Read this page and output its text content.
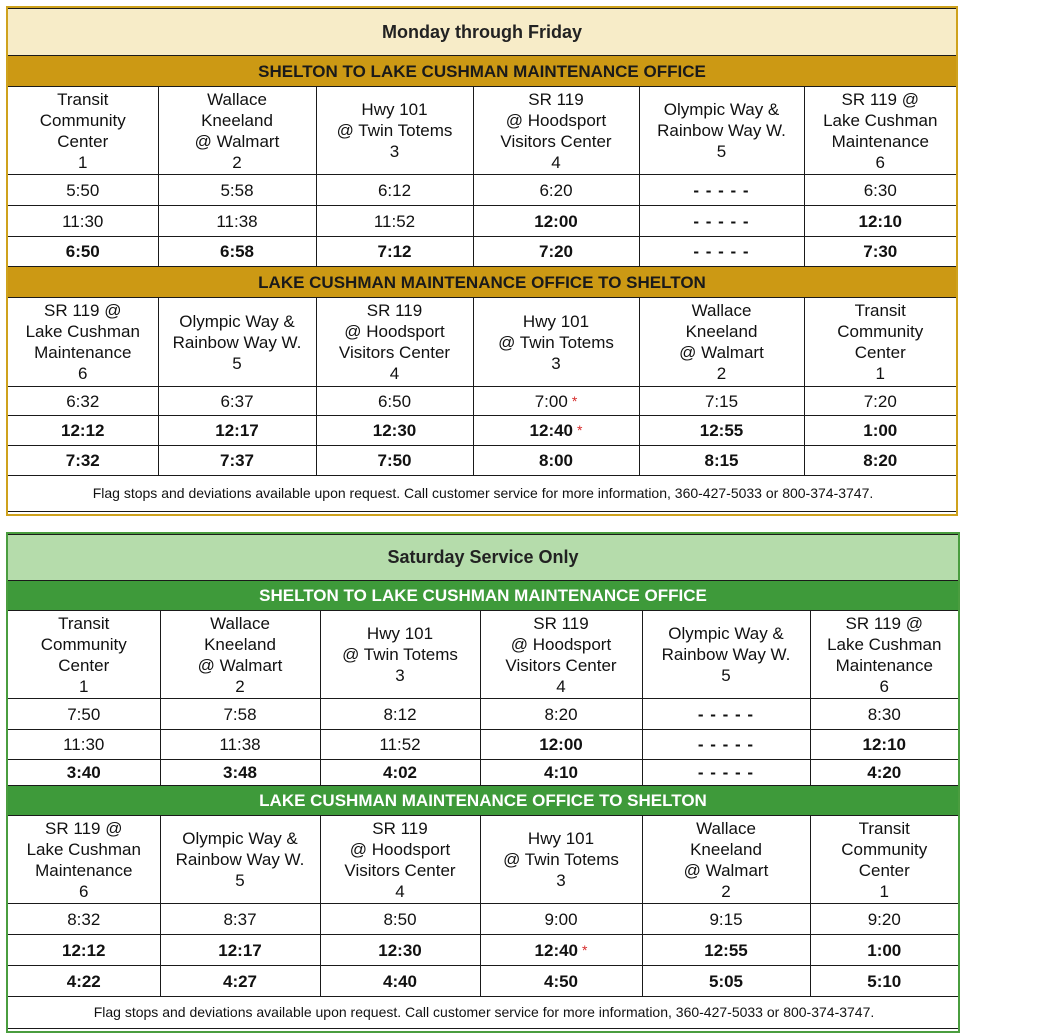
Monday through Friday					
SHELTON TO LAKE CUSHMAN MAINTENANCE OFFICE					

Transit
Community
Center
1	Wallace
Kneeland
@ Walmart
2	Hwy 101
@ Twin Totems
3	SR 119
@ Hoodsport
Visitors Center
4	Olympic Way &
Rainbow Way W.
5	SR 119 @
Lake Cushman
Maintenance
6

5:50	5:58	6:12	6:20	- - - - -	6:30
11:30	11:38	11:52	12:00	- - - - -	12:10
6:50	6:58	7:12	7:20	- - - - -	7:30
LAKE CUSHMAN MAINTENANCE OFFICE TO SHELTON					

SR 119 @
Lake Cushman
Maintenance
6	Olympic Way &
Rainbow Way W.
5	SR 119
@ Hoodsport
Visitors Center
4	Hwy 101
@ Twin Totems
3	Wallace
Kneeland
@ Walmart
2	Transit
Community
Center
1

6:32	6:37	6:50	7:00 *	7:15	7:20
12:12	12:17	12:30	12:40 *	12:55	1:00
7:32	7:37	7:50	8:00	8:15	8:20
Flag stops and deviations available upon request. Call customer service for more information, 360-427-5033 or 800-374-3747.					
Saturday Service Only					
SHELTON TO LAKE CUSHMAN MAINTENANCE OFFICE					

Transit
Community
Center
1	Wallace
Kneeland
@ Walmart
2	Hwy 101
@ Twin Totems
3	SR 119
@ Hoodsport
Visitors Center
4	Olympic Way &
Rainbow Way W.
5	SR 119 @
Lake Cushman
Maintenance
6

7:50	7:58	8:12	8:20	- - - - -	8:30
11:30	11:38	11:52	12:00	- - - - -	12:10
3:40	3:48	4:02	4:10	- - - - -	4:20
LAKE CUSHMAN MAINTENANCE OFFICE TO SHELTON					

SR 119 @
Lake Cushman
Maintenance
6	Olympic Way &
Rainbow Way W.
5	SR 119
@ Hoodsport
Visitors Center
4	Hwy 101
@ Twin Totems
3	Wallace
Kneeland
@ Walmart
2	Transit
Community
Center
1

8:32	8:37	8:50	9:00	9:15	9:20
12:12	12:17	12:30	12:40 *	12:55	1:00
4:22	4:27	4:40	4:50	5:05	5:10
Flag stops and deviations available upon request. Call customer service for more information, 360-427-5033 or 800-374-3747.					
